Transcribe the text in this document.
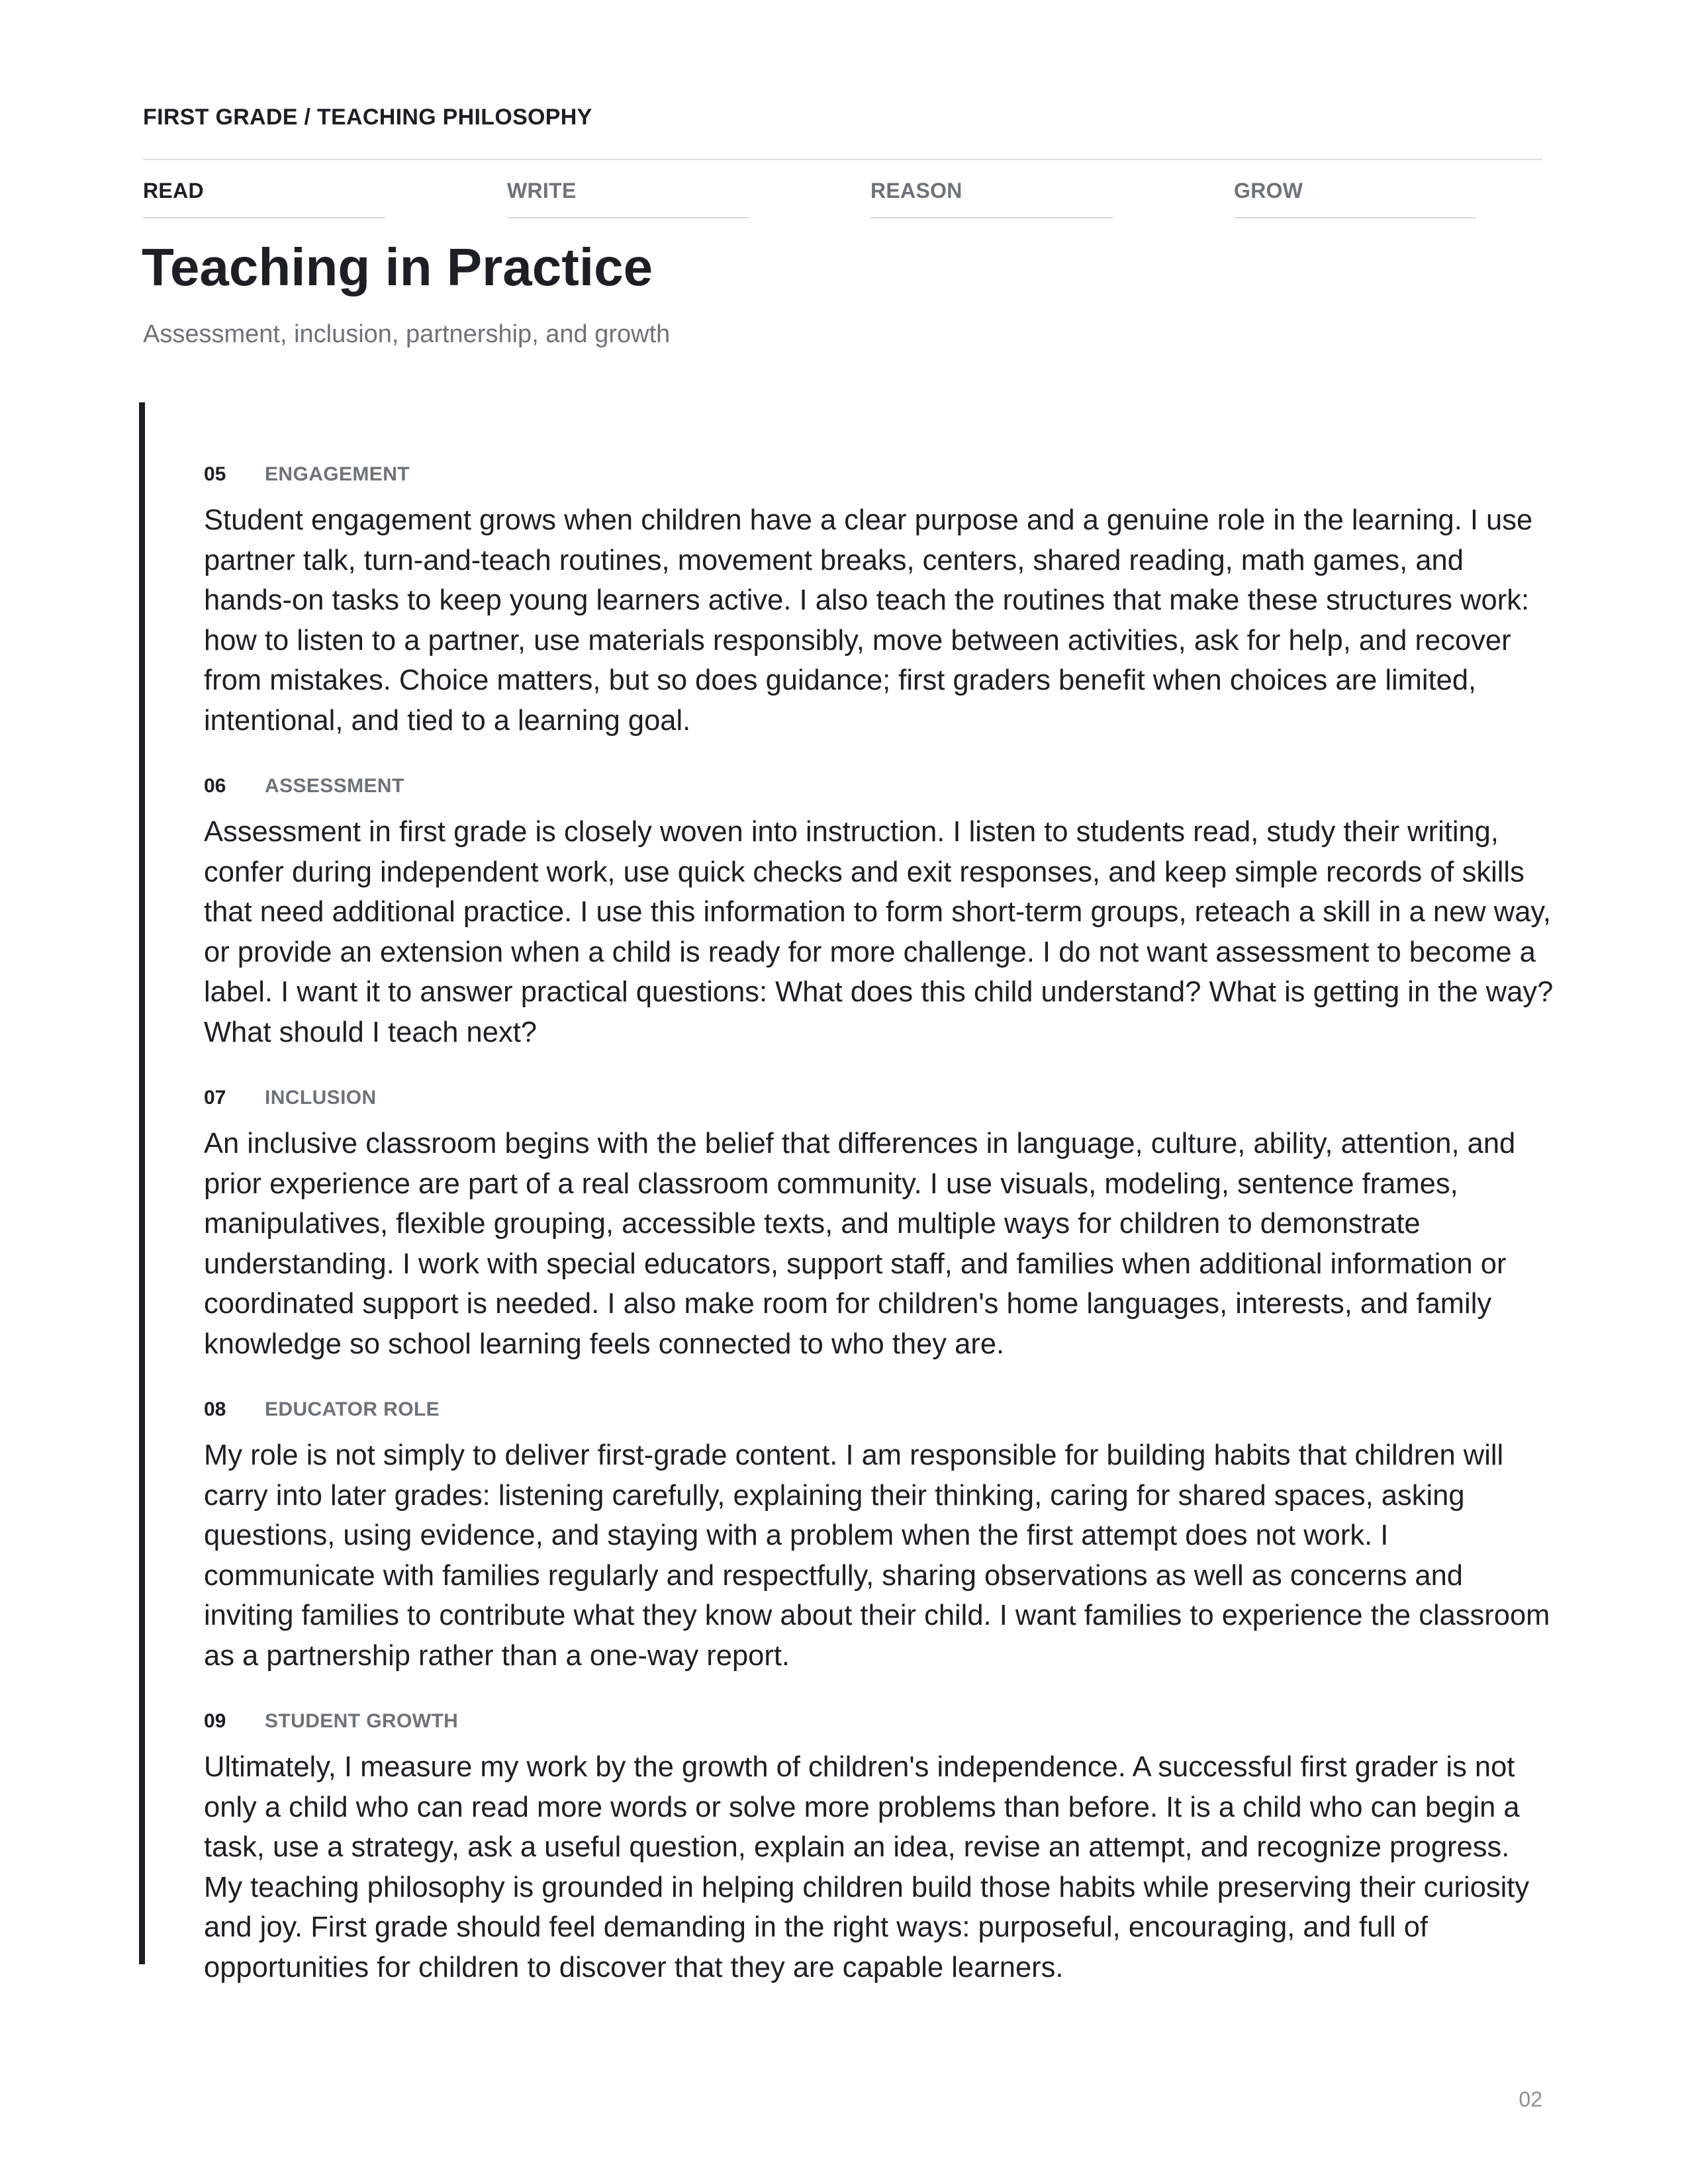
FIRST GRADE / TEACHING PHILOSOPHY
READ	WRITE	REASON	GROW
Teaching in Practice
Assessment, inclusion, partnership, and growth
05	ENGAGEMENT

Student engagement grows when children have a clear purpose and a genuine role in the learning. I use partner talk, turn-and-teach routines, movement breaks, centers, shared reading, math games, and hands-on tasks to keep young learners active. I also teach the routines that make these structures work: how to listen to a partner, use materials responsibly, move between activities, ask for help, and recover from mistakes. Choice matters, but so does guidance; first graders benefit when choices are limited, intentional, and tied to a learning goal.

06	ASSESSMENT

Assessment in first grade is closely woven into instruction. I listen to students read, study their writing, confer during independent work, use quick checks and exit responses, and keep simple records of skills that need additional practice. I use this information to form short-term groups, reteach a skill in a new way, or provide an extension when a child is ready for more challenge. I do not want assessment to become a label. I want it to answer practical questions: What does this child understand? What is getting in the way? What should I teach next?

07	INCLUSION

An inclusive classroom begins with the belief that differences in language, culture, ability, attention, and prior experience are part of a real classroom community. I use visuals, modeling, sentence frames, manipulatives, flexible grouping, accessible texts, and multiple ways for children to demonstrate understanding. I work with special educators, support staff, and families when additional information or coordinated support is needed. I also make room for children's home languages, interests, and family knowledge so school learning feels connected to who they are.

08	EDUCATOR ROLE

My role is not simply to deliver first-grade content. I am responsible for building habits that children will carry into later grades: listening carefully, explaining their thinking, caring for shared spaces, asking questions, using evidence, and staying with a problem when the first attempt does not work. I communicate with families regularly and respectfully, sharing observations as well as concerns and inviting families to contribute what they know about their child. I want families to experience the classroom as a partnership rather than a one-way report.

09	STUDENT GROWTH

Ultimately, I measure my work by the growth of children's independence. A successful first grader is not only a child who can read more words or solve more problems than before. It is a child who can begin a task, use a strategy, ask a useful question, explain an idea, revise an attempt, and recognize progress. My teaching philosophy is grounded in helping children build those habits while preserving their curiosity and joy. First grade should feel demanding in the right ways: purposeful, encouraging, and full of opportunities for children to discover that they are capable learners.

02
